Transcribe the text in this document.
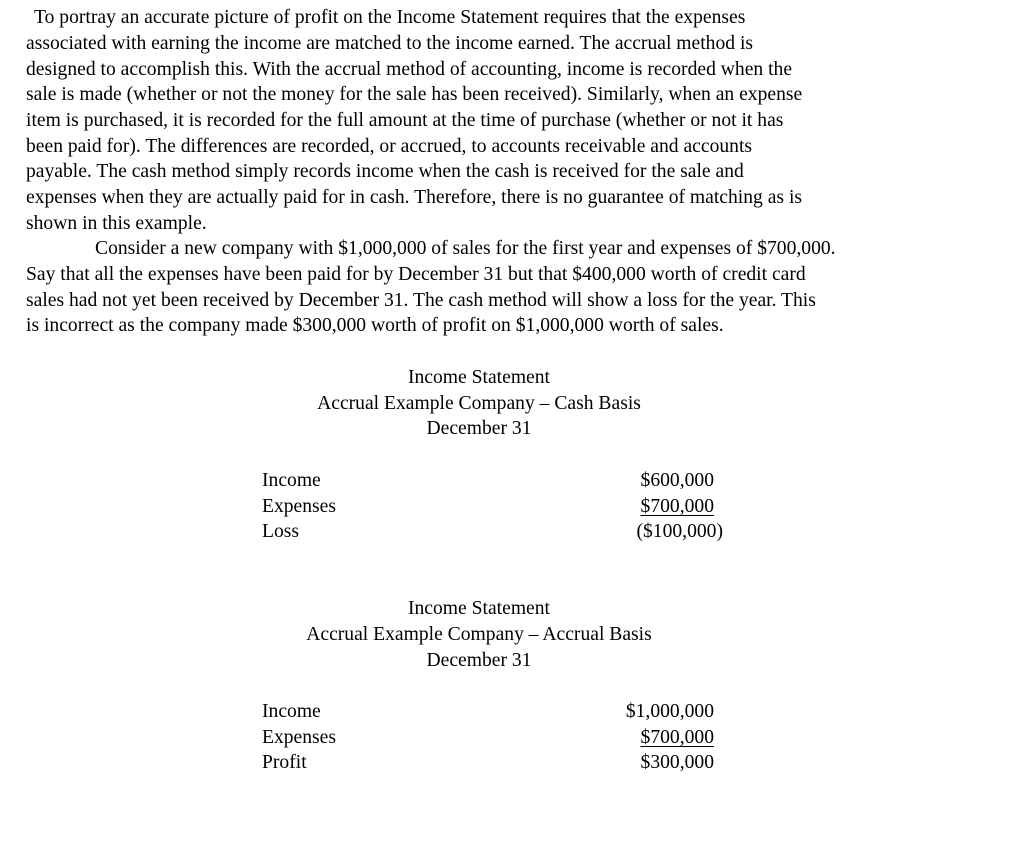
To portray an accurate picture of profit on the Income Statement requires that the expenses
associated with earning the income are matched to the income earned. The accrual method is
designed to accomplish this. With the accrual method of accounting, income is recorded when the
sale is made (whether or not the money for the sale has been received). Similarly, when an expense
item is purchased, it is recorded for the full amount at the time of purchase (whether or not it has
been paid for). The differences are recorded, or accrued, to accounts receivable and accounts
payable. The cash method simply records income when the cash is received for the sale and
expenses when they are actually paid for in cash. Therefore, there is no guarantee of matching as is
shown in this example.
Consider a new company with $1,000,000 of sales for the first year and expenses of $700,000.
Say that all the expenses have been paid for by December 31 but that $400,000 worth of credit card
sales had not yet been received by December 31. The cash method will show a loss for the year. This
is incorrect as the company made $300,000 worth of profit on $1,000,000 worth of sales.
Income Statement
Accrual Example Company – Cash Basis
December 31
Income	$600,000
Expenses	$700,000
Loss	($100,000)
Income Statement
Accrual Example Company – Accrual Basis
December 31
Income	$1,000,000
Expenses	$700,000
Profit	$300,000
